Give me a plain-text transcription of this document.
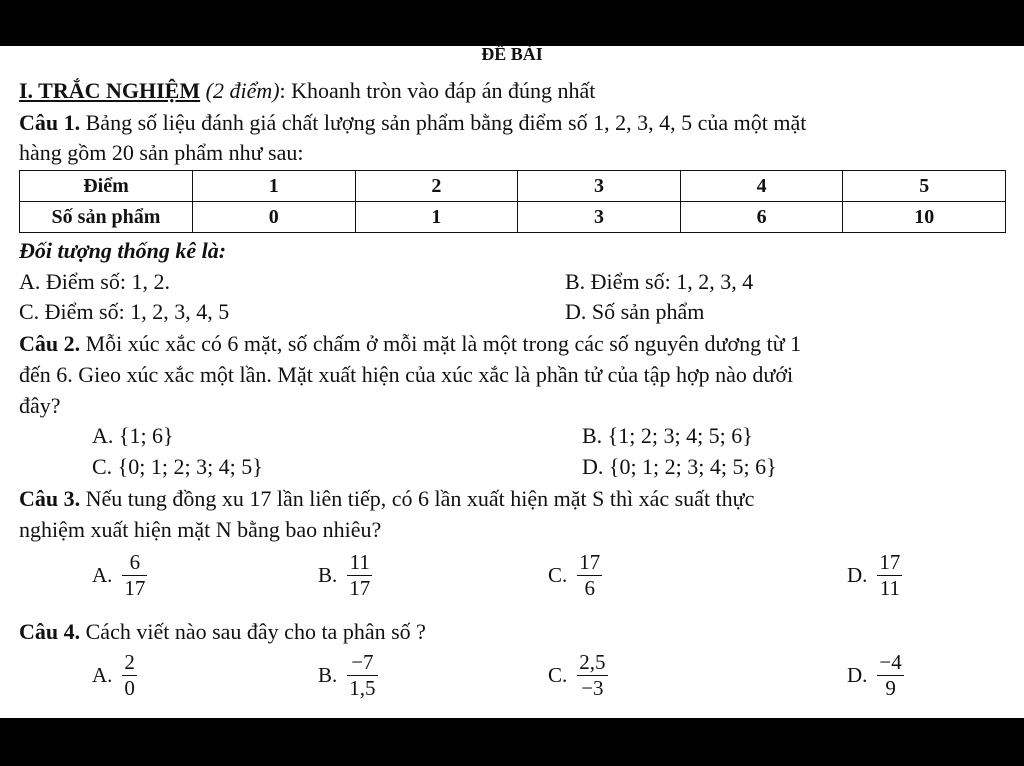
ĐỀ BÀI
I. TRẮC NGHIỆM (2 điểm): Khoanh tròn vào đáp án đúng nhất
Câu 1. Bảng số liệu đánh giá chất lượng sản phẩm bằng điểm số 1, 2, 3, 4, 5 của một mặt
hàng gồm 20 sản phẩm như sau:
Điểm	1	2	3	4	5
Số sản phẩm	0	1	3	6	10
Đối tượng thống kê là:
A. Điểm số: 1, 2.	B. Điểm số: 1, 2, 3, 4
C. Điểm số: 1, 2, 3, 4, 5	D. Số sản phẩm
Câu 2. Mỗi xúc xắc có 6 mặt, số chấm ở mỗi mặt là một trong các số nguyên dương từ 1
đến 6. Gieo xúc xắc một lần. Mặt xuất hiện của xúc xắc là phần tử của tập hợp nào dưới
đây?
A. {1; 6}	B. {1; 2; 3; 4; 5; 6}
C. {0; 1; 2; 3; 4; 5}	D. {0; 1; 2; 3; 4; 5; 6}
Câu 3. Nếu tung đồng xu 17 lần liên tiếp, có 6 lần xuất hiện mặt S thì xác suất thực
nghiệm xuất hiện mặt N bằng bao nhiêu?
A. $\frac{6}{17}$	B. $\frac{11}{17}$	C. $\frac{17}{6}$	D. $\frac{17}{11}$
Câu 4. Cách viết nào sau đây cho ta phân số ?
A. $\frac{2}{0}$	B. $\frac{-7}{1,5}$	C. $\frac{2,5}{-3}$	D. $\frac{-4}{9}$
